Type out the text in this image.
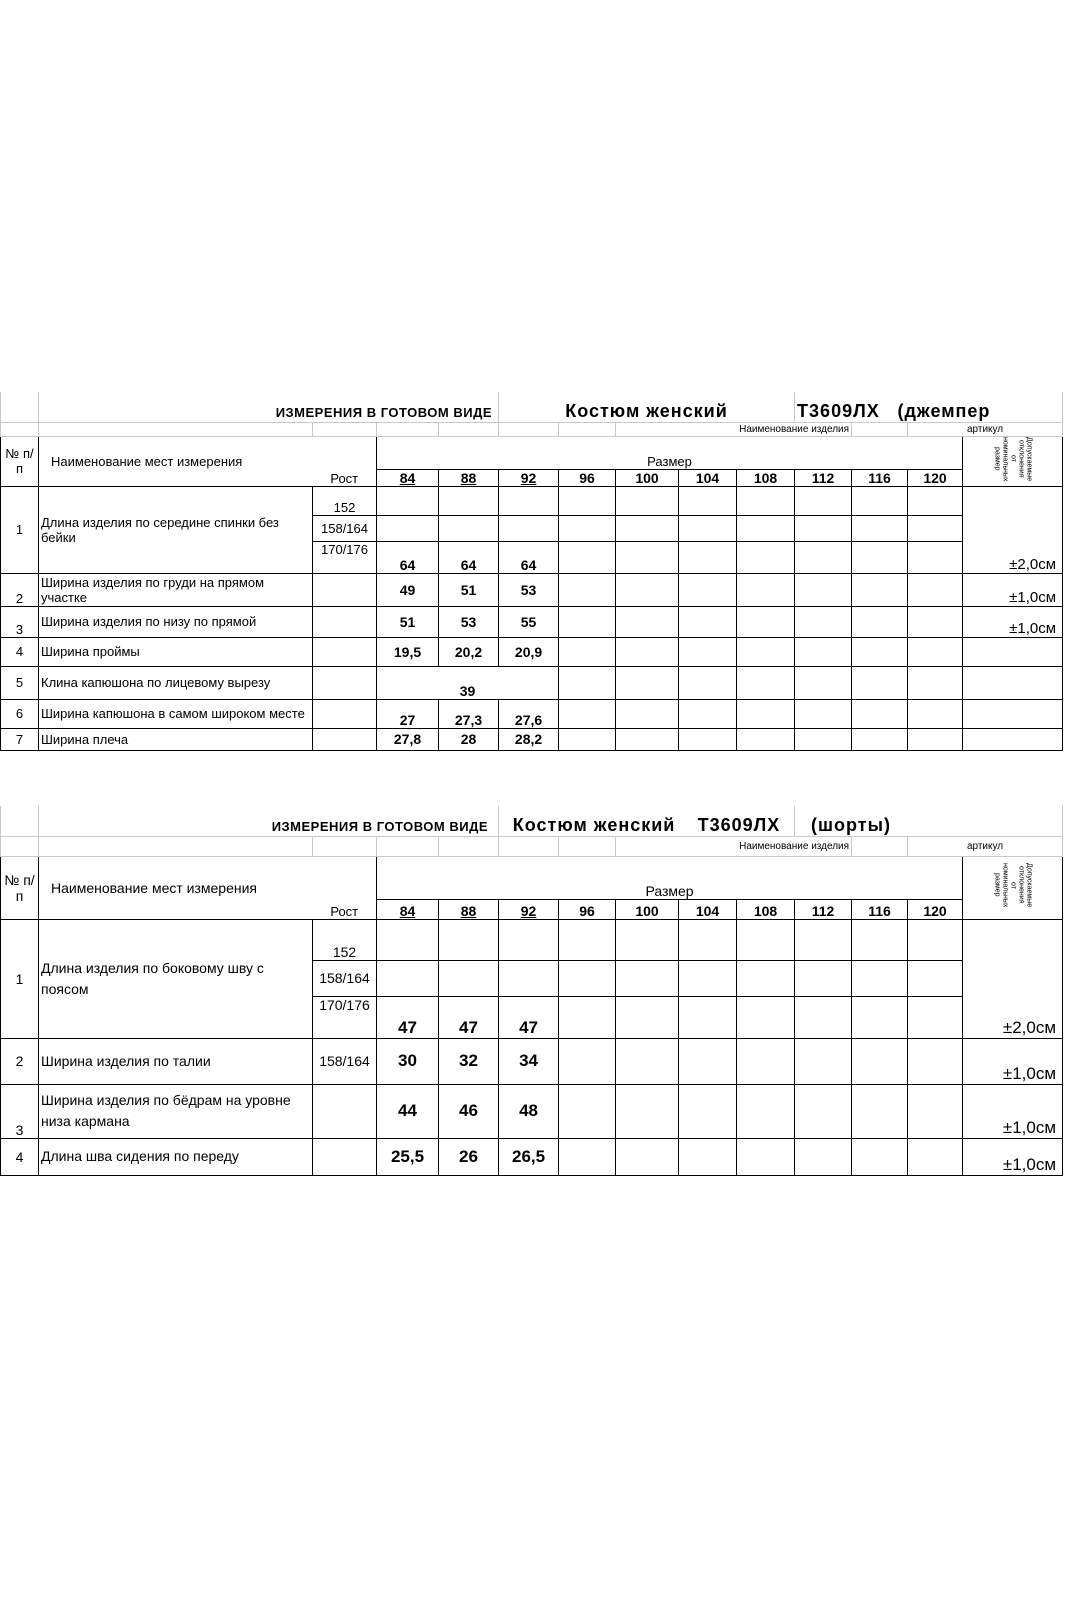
	ИЗМЕРЕНИЯ В ГОТОВОМ ВИДЕ				Костюм женский					Т3609ЛХ (джемпер			
							Наименование изделия					артикул	
№ п/п	Наименование мест измерения	Рост	Размер										Допускаемые отклонения от номинальных размер
			84	88	92	96	100	104	108	112	116	120	
1	Длина изделия по середине спинки без бейки	152											±2,0см
		158/164											
		170/176	64	64	64								
2	Ширина изделия по груди на прямом участке		49	51	53								±1,0см
3	Ширина изделия по низу по прямой		51	53	55								±1,0см
4	Ширина проймы		19,5	20,2	20,9								
5	Клина капюшона по лицевому вырезу		39										
6	Ширина капюшона в самом широком месте		27	27,3	27,6								
7	Ширина плеча		27,8	28	28,2								
	ИЗМЕРЕНИЯ В ГОТОВОМ ВИДЕ				Костюм женский Т3609ЛХ					(шорты)			
							Наименование изделия					артикул	
№ п/п	Наименование мест измерения	Рост	Размер										Допускаемые отклонения от номинальных размер
			84	88	92	96	100	104	108	112	116	120	
1	Длина изделия по боковому шву с поясом	152											±2,0см
		158/164											
		170/176	47	47	47								
2	Ширина изделия по талии	158/164	30	32	34								±1,0см
3	Ширина изделия по бёдрам на уровне низа кармана		44	46	48								±1,0см
4	Длина шва сидения по переду		25,5	26	26,5								±1,0см
